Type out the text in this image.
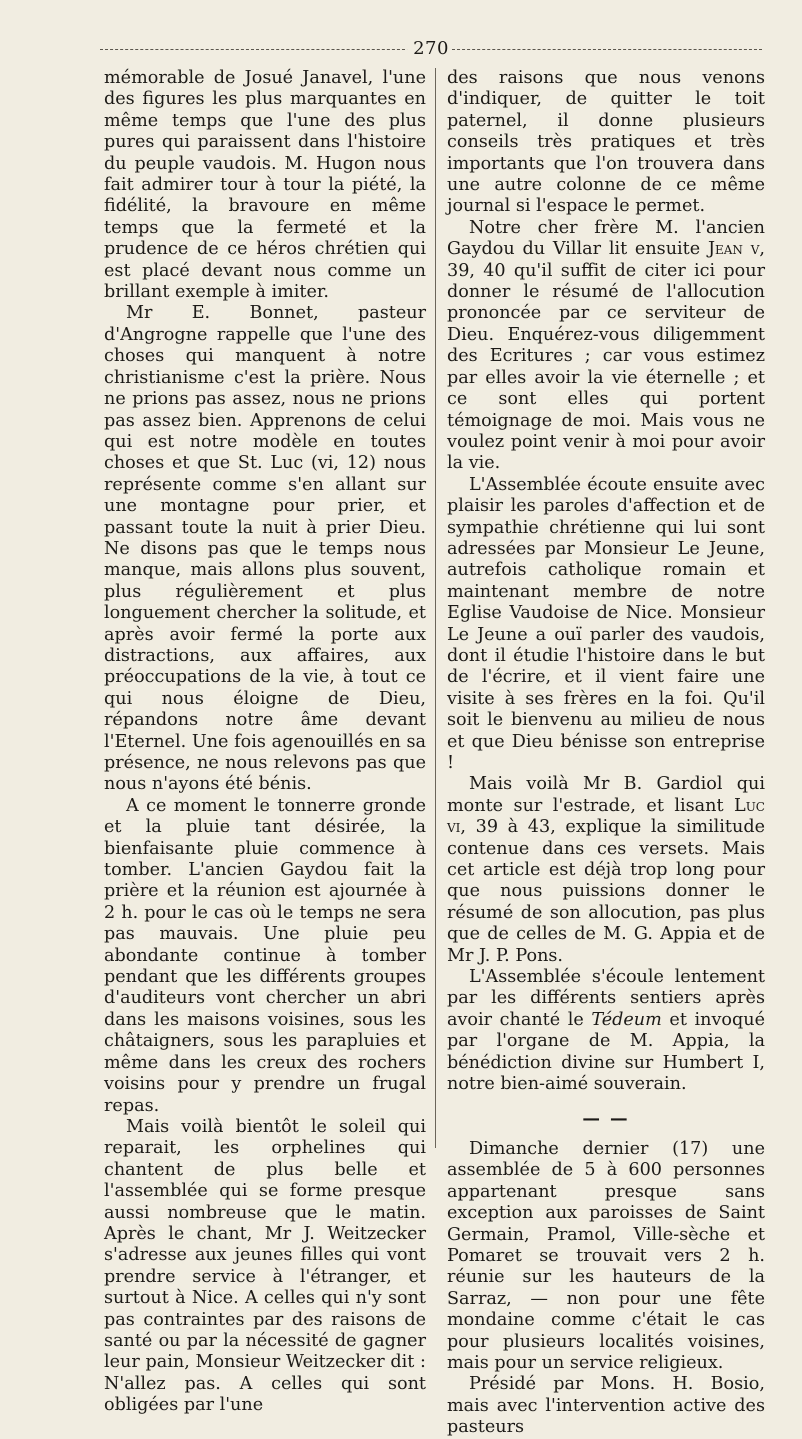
270

mémorable de Josué Janavel, l'une des figures les plus marquantes en même temps que l'une des plus pures qui paraissent dans l'histoire du peuple vaudois. M. Hugon nous fait admirer tour à tour la piété, la fidélité, la bravoure en même temps que la fermeté et la prudence de ce héros chrétien qui est placé devant nous comme un brillant exemple à imiter.

Mr E. Bonnet, pasteur d'Angrogne rappelle que l'une des choses qui manquent à notre christianisme c'est la prière. Nous ne prions pas assez, nous ne prions pas assez bien. Apprenons de celui qui est notre modèle en toutes choses et que St. Luc (vi, 12) nous représente comme s'en allant sur une montagne pour prier, et passant toute la nuit à prier Dieu. Ne disons pas que le temps nous manque, mais allons plus souvent, plus régulièrement et plus longuement chercher la solitude, et après avoir fermé la porte aux distractions, aux affaires, aux préoccupations de la vie, à tout ce qui nous éloigne de Dieu, répandons notre âme devant l'Eternel. Une fois agenouillés en sa présence, ne nous relevons pas que nous n'ayons été bénis.

A ce moment le tonnerre gronde et la pluie tant désirée, la bienfaisante pluie commence à tomber. L'ancien Gaydou fait la prière et la réunion est ajournée à 2 h. pour le cas où le temps ne sera pas mauvais. Une pluie peu abondante continue à tomber pendant que les différents groupes d'auditeurs vont chercher un abri dans les maisons voisines, sous les châtaigners, sous les parapluies et même dans les creux des rochers voisins pour y prendre un frugal repas.

Mais voilà bientôt le soleil qui reparait, les orphelines qui chantent de plus belle et l'assemblée qui se forme presque aussi nombreuse que le matin. Après le chant, Mr J. Weitzecker s'adresse aux jeunes filles qui vont prendre service à l'étranger, et surtout à Nice. A celles qui n'y sont pas contraintes par des raisons de santé ou par la nécessité de gagner leur pain, Monsieur Weitzecker dit : N'allez pas. A celles qui sont obligées par l'une

des raisons que nous venons d'indiquer, de quitter le toit paternel, il donne plusieurs conseils très pratiques et très importants que l'on trouvera dans une autre colonne de ce même journal si l'espace le permet.

Notre cher frère M. l'ancien Gaydou du Villar lit ensuite Jean v, 39, 40 qu'il suffit de citer ici pour donner le résumé de l'allocution prononcée par ce serviteur de Dieu. Enquérez-vous diligemment des Ecritures ; car vous estimez par elles avoir la vie éternelle ; et ce sont elles qui portent témoignage de moi. Mais vous ne voulez point venir à moi pour avoir la vie.

L'Assemblée écoute ensuite avec plaisir les paroles d'affection et de sympathie chrétienne qui lui sont adressées par Monsieur Le Jeune, autrefois catholique romain et maintenant membre de notre Eglise Vaudoise de Nice. Monsieur Le Jeune a ouï parler des vaudois, dont il étudie l'histoire dans le but de l'écrire, et il vient faire une visite à ses frères en la foi. Qu'il soit le bienvenu au milieu de nous et que Dieu bénisse son entreprise !

Mais voilà Mr B. Gardiol qui monte sur l'estrade, et lisant Luc vi, 39 à 43, explique la similitude contenue dans ces versets. Mais cet article est déjà trop long pour que nous puissions donner le résumé de son allocution, pas plus que de celles de M. G. Appia et de Mr J. P. Pons.

L'Assemblée s'écoule lentement par les différents sentiers après avoir chanté le Tédeum et invoqué par l'organe de M. Appia, la bénédiction divine sur Humbert I, notre bien-aimé souverain.

— —

Dimanche dernier (17) une assemblée de 5 à 600 personnes appartenant presque sans exception aux paroisses de Saint Germain, Pramol, Ville-sèche et Pomaret se trouvait vers 2 h. réunie sur les hauteurs de la Sarraz, — non pour une fête mondaine comme c'était le cas pour plusieurs localités voisines, mais pour un service religieux.

Présidé par Mons. H. Bosio, mais avec l'intervention active des pasteurs
